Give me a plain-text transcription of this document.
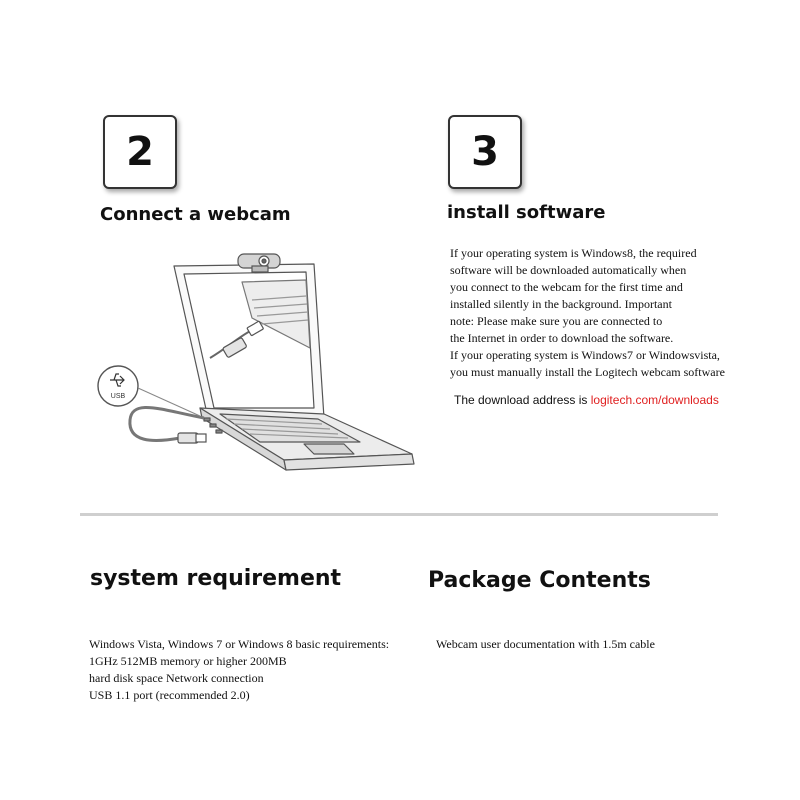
2
Connect a webcam
USB
3
install software
If your operating system is Windows8, the required
software will be downloaded automatically when
you connect to the webcam for the first time and
installed silently in the background. Important
note: Please make sure you are connected to
the Internet in order to download the software.
If your operating system is Windows7 or Windowsvista,
you must manually install the Logitech webcam software
The download address is logitech.com/downloads
system requirement
Windows Vista, Windows 7 or Windows 8 basic requirements:
1GHz 512MB memory or higher 200MB
hard disk space Network connection
USB 1.1 port (recommended 2.0)
Package Contents
Webcam user documentation with 1.5m cable
